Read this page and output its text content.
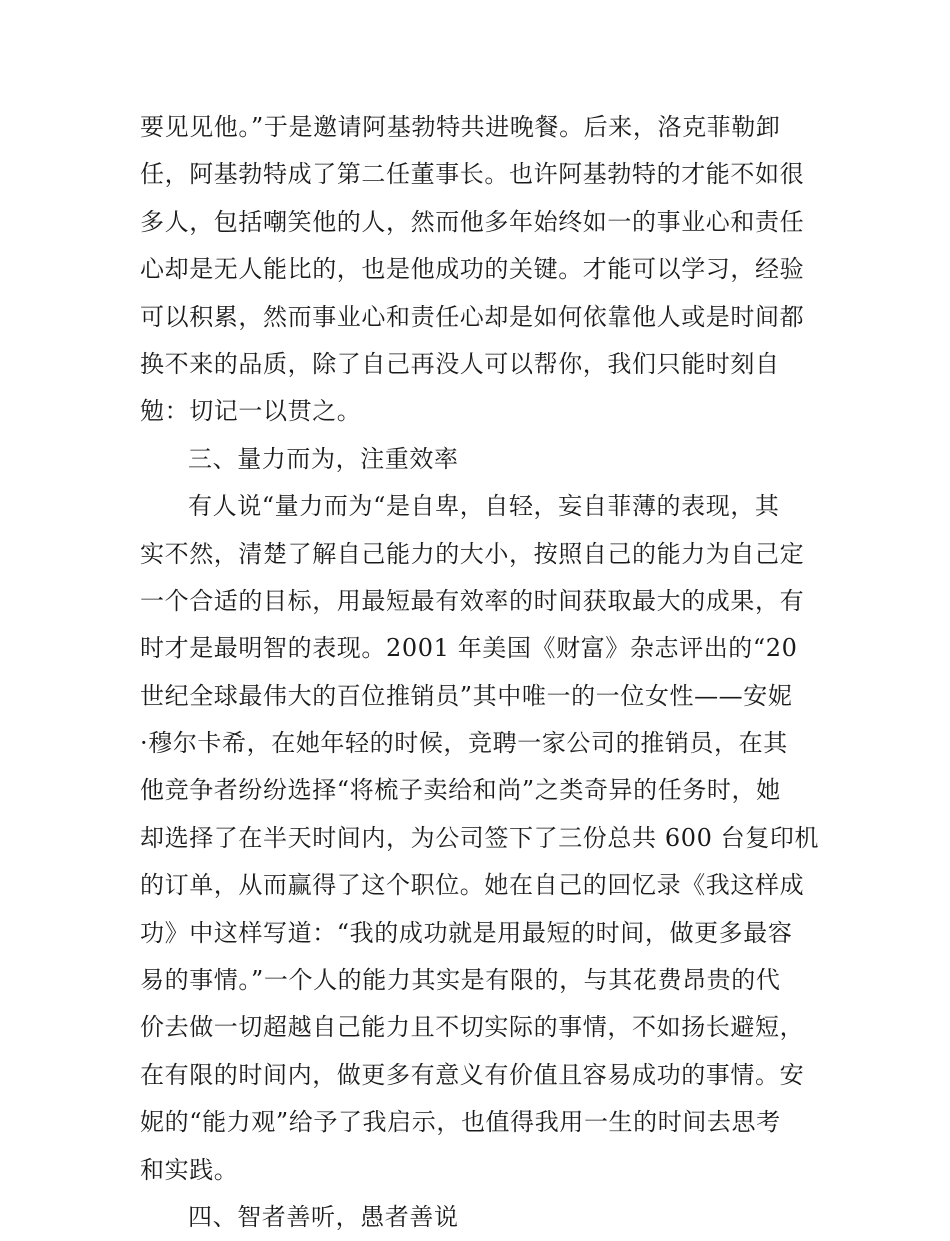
要见见他。”于是邀请阿基勃特共进晚餐。后来，洛克菲勒卸
任，阿基勃特成了第二任董事长。也许阿基勃特的才能不如很
多人，包括嘲笑他的人，然而他多年始终如一的事业心和责任
心却是无人能比的，也是他成功的关键。才能可以学习，经验
可以积累，然而事业心和责任心却是如何依靠他人或是时间都
换不来的品质，除了自己再没人可以帮你，我们只能时刻自
勉：切记一以贯之。
三、量力而为，注重效率
有人说“量力而为“是自卑，自轻，妄自菲薄的表现，其
实不然，清楚了解自己能力的大小，按照自己的能力为自己定
一个合适的目标，用最短最有效率的时间获取最大的成果，有
时才是最明智的表现。2001 年美国《财富》杂志评出的“20
世纪全球最伟大的百位推销员”其中唯一的一位女性——安妮
·穆尔卡希，在她年轻的时候，竞聘一家公司的推销员，在其
他竞争者纷纷选择“将梳子卖给和尚”之类奇异的任务时，她
却选择了在半天时间内，为公司签下了三份总共 600 台复印机
的订单，从而赢得了这个职位。她在自己的回忆录《我这样成
功》中这样写道：“我的成功就是用最短的时间，做更多最容
易的事情。”一个人的能力其实是有限的，与其花费昂贵的代
价去做一切超越自己能力且不切实际的事情，不如扬长避短，
在有限的时间内，做更多有意义有价值且容易成功的事情。安
妮的“能力观”给予了我启示，也值得我用一生的时间去思考
和实践。
四、智者善听，愚者善说
